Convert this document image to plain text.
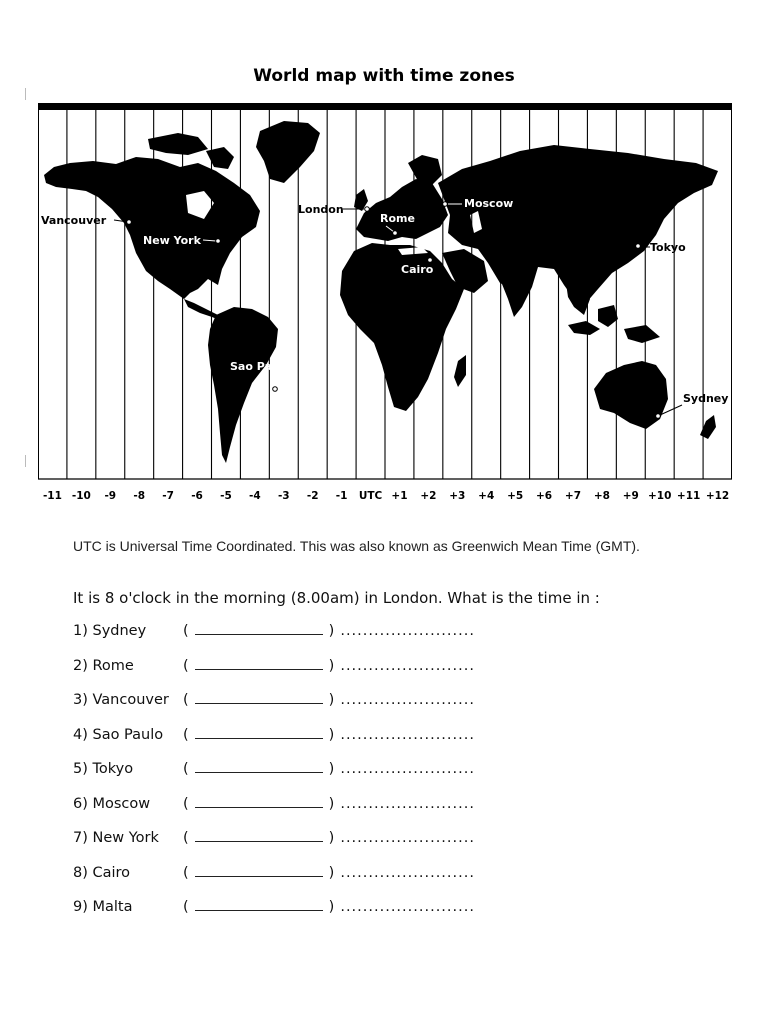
World map with time zones
-11 -10 -9 -8 -7 -6 -5 -4 -3 -2 -1 UTC +1 +2 +3 +4 +5 +6 +7 +8 +9 +10 +11 +12
Vancouver
New York
London
Rome
Moscow
Cairo
Tokyo
Sao Paulo
Sydney
UTC is Universal Time Coordinated. This was also known as Greenwich Mean Time (GMT).
It is 8 o'clock in the morning (8.00am) in London. What is the time in :
1) Sydney	(	) ........................
2) Rome	(	) ........................
3) Vancouver (	) ........................
4) Sao Paulo	(	) ........................
5) Tokyo	(	) ........................
6) Moscow	(	) ........................
7) New York	(	) ........................
8) Cairo	(	) ........................
9) Malta	(	) ........................
